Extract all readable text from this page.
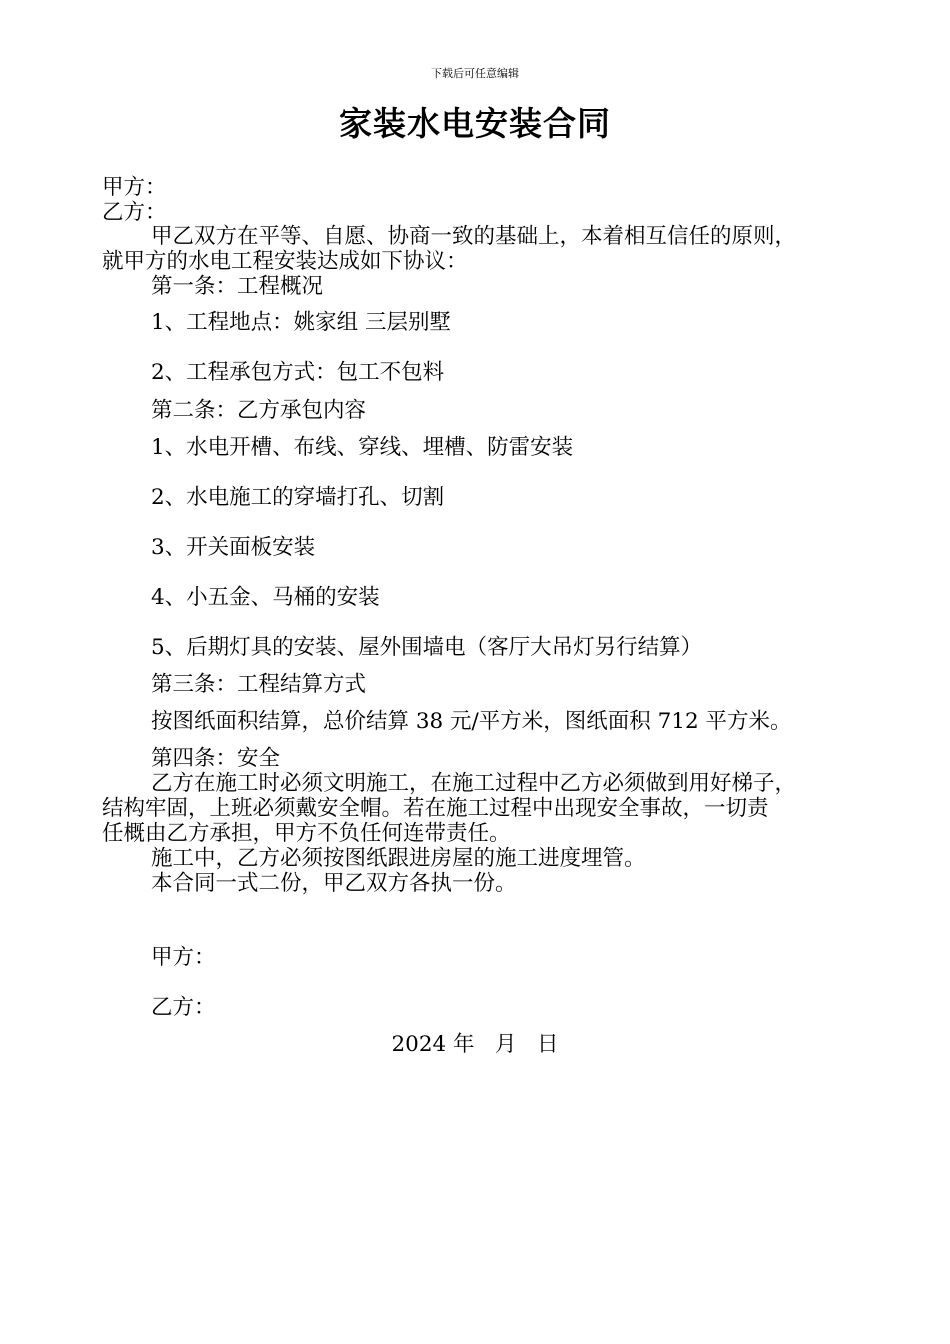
下载后可任意编辑
家装水电安装合同
甲方：
乙方：
甲乙双方在平等、自愿、协商一致的基础上，本着相互信任的原则，
就甲方的水电工程安装达成如下协议：
第一条：工程概况
1、工程地点：姚家组 三层别墅
2、工程承包方式：包工不包料
第二条：乙方承包内容
1、水电开槽、布线、穿线、埋槽、防雷安装
2、水电施工的穿墙打孔、切割
3、开关面板安装
4、小五金、马桶的安装
5、后期灯具的安装、屋外围墙电（客厅大吊灯另行结算）
第三条：工程结算方式
按图纸面积结算，总价结算 38 元/平方米，图纸面积 712 平方米。
第四条：安全
乙方在施工时必须文明施工，在施工过程中乙方必须做到用好梯子，
结构牢固，上班必须戴安全帽。若在施工过程中出现安全事故，一切责
任概由乙方承担，甲方不负任何连带责任。
施工中，乙方必须按图纸跟进房屋的施工进度埋管。
本合同一式二份，甲乙双方各执一份。
甲方：
乙方：
2024 年   月   日
